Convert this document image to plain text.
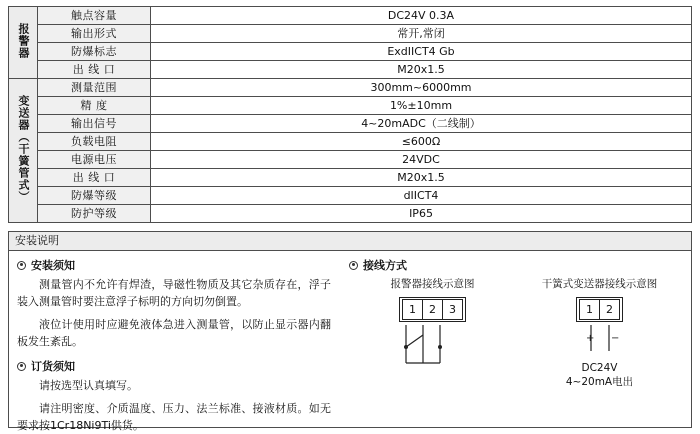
报警器	触点容量	DC24V 0.3A
	输出形式	常开,常闭
	防爆标志	ExdIICT4 Gb
	出 线 口	M20x1.5
变送器（干簧管式）	测量范围	300mm~6000mm
	精 度	1%±10mm
	输出信号	4~20mADC（二线制）
	负载电阻	≤600Ω
	电源电压	24VDC
	出 线 口	M20x1.5
	防爆等级	dIICT4
	防护等级	IP65
安装说明
安装须知

测量管内不允许有焊渣，导磁性物质及其它杂质存在，浮子装入测量管时要注意浮子标明的方向切勿倒置。

液位计使用时应避免液体急进入测量管，以防止显示器内翻板发生紊乱。

订货须知

请按选型认真填写。

请注明密度、介质温度、压力、法兰标准、接液材质。如无要求按1Cr18Ni9Ti供货。

接线方式
报警器接线示意图
1	2	3
干簧式变送器接线示意图
1	2
+ −
DC24V
4~20mA电出
